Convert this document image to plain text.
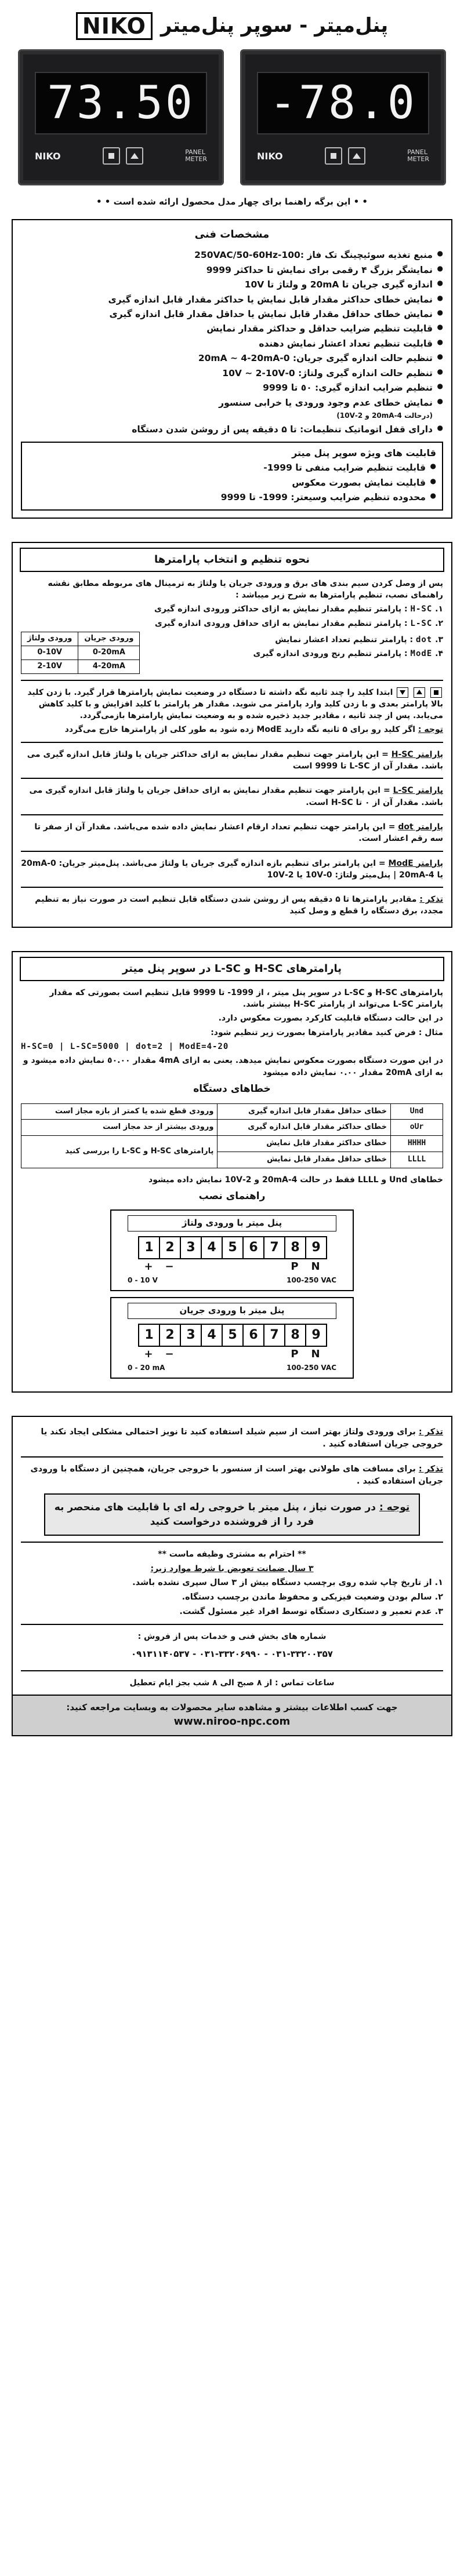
پنل‌میتر - سوپر پنل‌میتر
NIKO
73.50
NIKO	PANEL
METER
-78.0
NIKO	PANEL
METER
• • این برگه راهنما برای چهار مدل محصول ارائه شده است • •
مشخصات فنی
● منبع تغذیه سوئیچینگ تک فاز :100-250VAC/50-60Hz
● نمایشگر بزرگ ۴ رقمی برای نمایش تا حداکثر 9999
● اندازه گیری جریان تا 20mA و ولتاژ تا 10V
● نمایش خطای حداکثر مقدار قابل نمایش یا حداکثر مقدار قابل اندازه گیری
● نمایش خطای حداقل مقدار قابل نمایش یا حداقل مقدار قابل اندازه گیری
● قابلیت تنظیم ضرایب حداقل و حداکثر مقدار نمایش
● قابلیت تنظیم تعداد اعشار نمایش دهنده
● تنظیم حالت اندازه گیری جریان: 0-20mA ~ 4-20mA
● تنظیم حالت اندازه گیری ولتاژ: 0-10V ~ 2-10V
● تنظیم ضرایب اندازه گیری: ٥٠ تا 9999
● نمایش خطای عدم وجود ورودی یا خرابی سنسور
(درحالت 4-20mA و 2-10V)
● دارای قفل اتوماتیک تنظیمات: تا ۵ دقیقه پس از روشن شدن دستگاه
قابلیت های ویژه سوپر پنل میتر
● قابلیت تنظیم ضرایب منفی تا 1999-
● قابلیت نمایش بصورت معکوس
● محدوده تنظیم ضرایب وسیعتر: 1999- تا 9999
نحوه تنظیم و انتخاب پارامترها
پس از وصل کردن سیم بندی های برق و ورودی جریان یا ولتاژ به ترمینال های مربوطه مطابق نقشه راهنمای نصب، تنظیم پارامترها به شرح زیر میباشد :
۱. H-SC : پارامتر تنظیم مقدار نمایش به ازای حداکثر ورودی اندازه گیری
۲. L-SC : پارامتر تنظیم مقدار نمایش به ازای حداقل ورودی اندازه گیری
۳. dot : پارامتر تنظیم تعداد اعشار نمایش
۴. ModE : پارامتر تنظیم رنج ورودی اندازه گیری
ورودی جریان	ورودی ولتاژ
0-20mA	0-10V
4-20mA	2-10V

ابتدا کلید را چند ثانیه نگه داشته تا دستگاه در وضعیت نمایش پارامترها قرار گیرد. با زدن کلید بالا پارامتر بعدی و با زدن کلید وارد پارامتر می شوید. مقدار هر پارامتر با کلید افزایش و با کلید کاهش می‌یابد. پس از چند ثانیه ، مقادیر جدید ذخیره شده و به وضعیت نمایش پارامترها بازمی‌گردد.
توجه : اگر کلید رو برای ۵ ثانیه نگه دارید ModE زده شود به طور کلی از پارامترها خارج می‌گردد
پارامتر H-SC = این پارامتر جهت تنظیم مقدار نمایش به ازای حداکثر جریان یا ولتاژ قابل اندازه گیری می باشد. مقدار آن از L-SC تا 9999 است
پارامتر L-SC = این پارامتر جهت تنظیم مقدار نمایش به ازای حداقل جریان یا ولتاژ قابل اندازه گیری می باشد. مقدار آن از ٠ تا H-SC است.
پارامتر dot = این پارامتر جهت تنظیم تعداد ارقام اعشار نمایش داده شده می‌باشد. مقدار آن از صفر تا سه رقم اعشار است.
پارامتر ModE = این پارامتر برای تنظیم بازه اندازه گیری جریان یا ولتاژ می‌باشد. پنل‌میتر جریان: 0-20mA یا 4-20mA | پنل‌میتر ولتاژ: 0-10V یا 2-10V
تذکر : مقادیر پارامترها تا ۵ دقیقه پس از روشن شدن دستگاه قابل تنظیم است در صورت نیاز به تنظیم مجدد، برق دستگاه را قطع و وصل کنید
پارامترهای H-SC و L-SC در سوپر پنل میتر
پارامترهای H-SC و L-SC در سوپر پنل میتر ، از 1999- تا 9999 قابل تنظیم است بصورتی که مقدار پارامتر L-SC می‌تواند از پارامتر H-SC بیشتر باشد.
در این حالت دستگاه قابلیت کارکرد بصورت معکوس دارد.
مثال : فرض کنید مقادیر پارامترها بصورت زیر تنظیم شود:
H-SC=0 | L-SC=5000 | dot=2 | ModE=4-20
در این صورت دستگاه بصورت معکوس نمایش میدهد. یعنی به ازای 4mA مقدار ٥٠.٠٠ نمایش داده میشود و به ازای 20mA مقدار ٠.٠٠ نمایش داده میشود
خطاهای دستگاه
Und	خطای حداقل مقدار قابل اندازه گیری	ورودی قطع شده یا کمتر از بازه مجاز است
oUr	خطای حداکثر مقدار قابل اندازه گیری	ورودی بیشتر از حد مجاز است
HHHH	خطای حداکثر مقدار قابل نمایش	پارامترهای H-SC و L-SC را بررسی کنید
LLLL	خطای حداقل مقدار قابل نمایش	
خطاهای Und و LLLL فقط در حالت 4-20mA و 2-10V نمایش داده میشود
راهنمای نصب
پنل میتر با ورودی ولتاژ
1 2 3 4 5 6 7 8 9
+	−	P	N
0 - 10 V	100-250 VAC
پنل میتر با ورودی جریان
1 2 3 4 5 6 7 8 9
+	−	P	N
0 - 20 mA	100-250 VAC
تذکر : برای ورودی ولتاژ بهتر است از سیم شیلد استفاده کنید تا نویز احتمالی مشکلی ایجاد نکند یا خروجی جریان استفاده کنید .
تذکر : برای مسافت های طولانی بهتر است از سنسور با خروجی جریان، همچنین از دستگاه با ورودی جریان استفاده کنید .
توجه : در صورت نیاز ، پنل میتر با خروجی رله ای با قابلیت های منحصر به فرد را از فروشنده درخواست کنید
** احترام به مشتری وظیفه ماست **
۳ سال ضمانت تعویض با شرط موارد زیر:
۱. از تاریخ چاپ شده روی برچسب دستگاه بیش از ۳ سال سپری نشده باشد.
۲. سالم بودن وضعیت فیزیکی و محفوظ ماندن برچسب دستگاه.
۳. عدم تعمیر و دستکاری دستگاه توسط افراد غیر مسئول گشت.
شماره های بخش فنی و خدمات پس از فروش :
۰۹۱۳۱۱۴۰۵۳۷ - ۰۳۱-۳۳۲۰۶۹۹۰ - ۰۳۱-۳۳۲۰۰۳۵۷
ساعات تماس : از ۸ صبح الی ۸ شب بجز ایام تعطیل
جهت کسب اطلاعات بیشتر و مشاهده سایر محصولات به وبسایت مراجعه کنید:
www.niroo-npc.com
